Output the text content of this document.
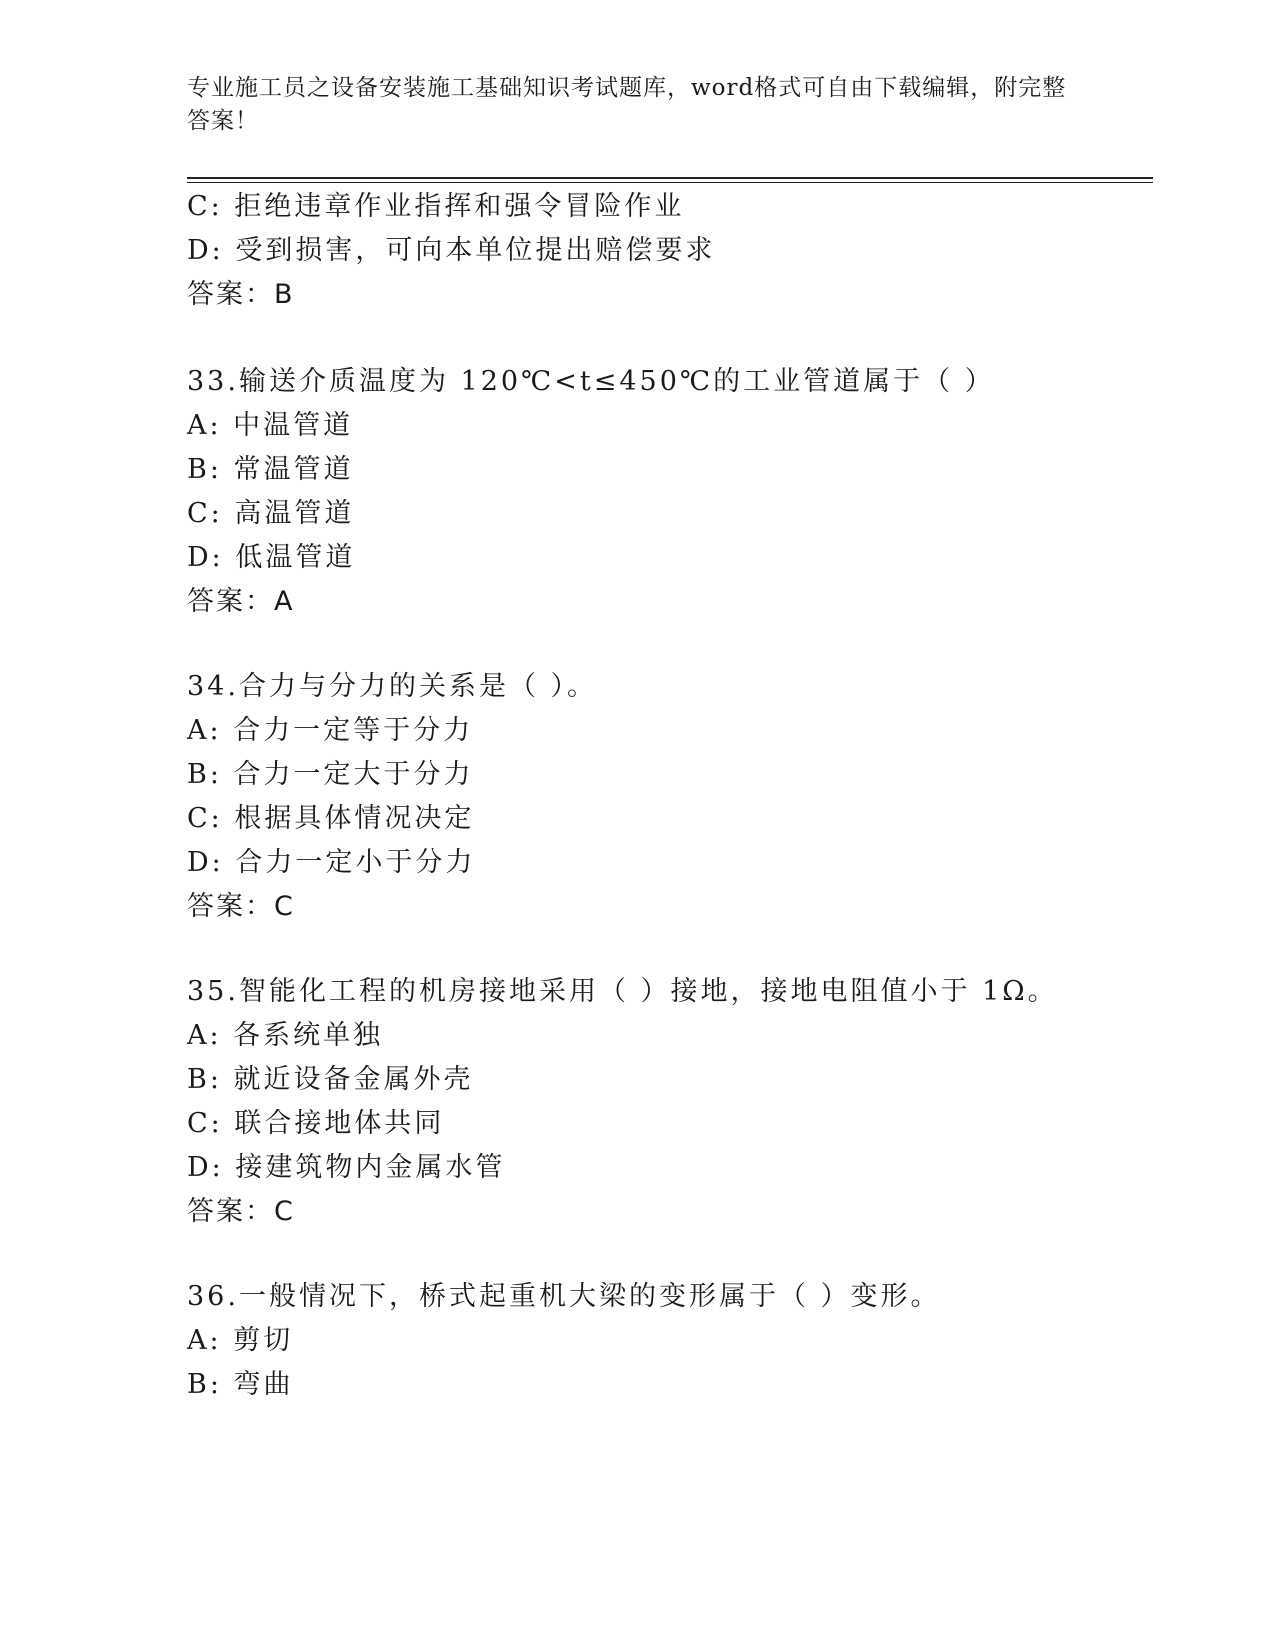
专业施工员之设备安装施工基础知识考试题库，word格式可自由下载编辑，附完整答案！
C: 拒绝违章作业指挥和强令冒险作业
D: 受到损害，可向本单位提出赔偿要求
答案：B
33.输送介质温度为 120℃<t≤450℃的工业管道属于（ ）
A: 中温管道
B: 常温管道
C: 高温管道
D: 低温管道
答案：A
34.合力与分力的关系是（ ）。
A: 合力一定等于分力
B: 合力一定大于分力
C: 根据具体情况决定
D: 合力一定小于分力
答案：C
35.智能化工程的机房接地采用（ ）接地，接地电阻值小于 1Ω。
A: 各系统单独
B: 就近设备金属外壳
C: 联合接地体共同
D: 接建筑物内金属水管
答案：C
36.一般情况下，桥式起重机大梁的变形属于（ ）变形。
A: 剪切
B: 弯曲
